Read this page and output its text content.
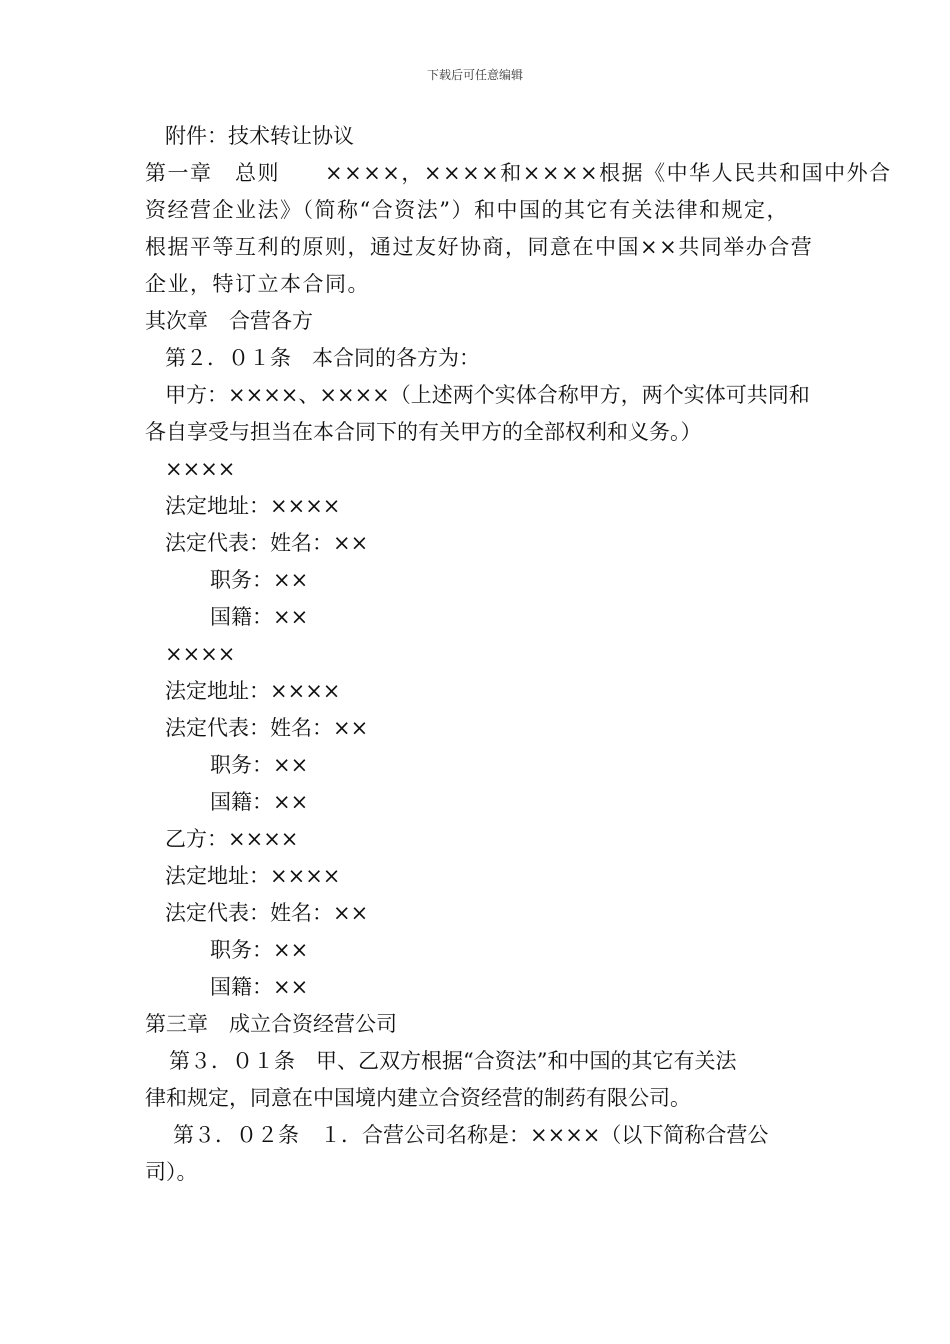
下载后可任意编辑
附件：技术转让协议
第一章　总则　　××××，××××和××××根据《中华人民共和国中外合
资经营企业法》（简称“合资法”）和中国的其它有关法律和规定，
根据平等互利的原则，通过友好协商，同意在中国××共同举办合营
企业，特订立本合同。
其次章　合营各方
第２．０１条　本合同的各方为：
甲方：××××、××××（上述两个实体合称甲方，两个实体可共同和
各自享受与担当在本合同下的有关甲方的全部权利和义务。）
××××
法定地址：××××
法定代表：姓名：××
职务：××
国籍：××
××××
法定地址：××××
法定代表：姓名：××
职务：××
国籍：××
乙方：××××
法定地址：××××
法定代表：姓名：××
职务：××
国籍：××
第三章　成立合资经营公司
第３．０１条　甲、乙双方根据“合资法”和中国的其它有关法
律和规定，同意在中国境内建立合资经营的制药有限公司。
第３．０２条　１．合营公司名称是：××××（以下简称合营公
司）。
